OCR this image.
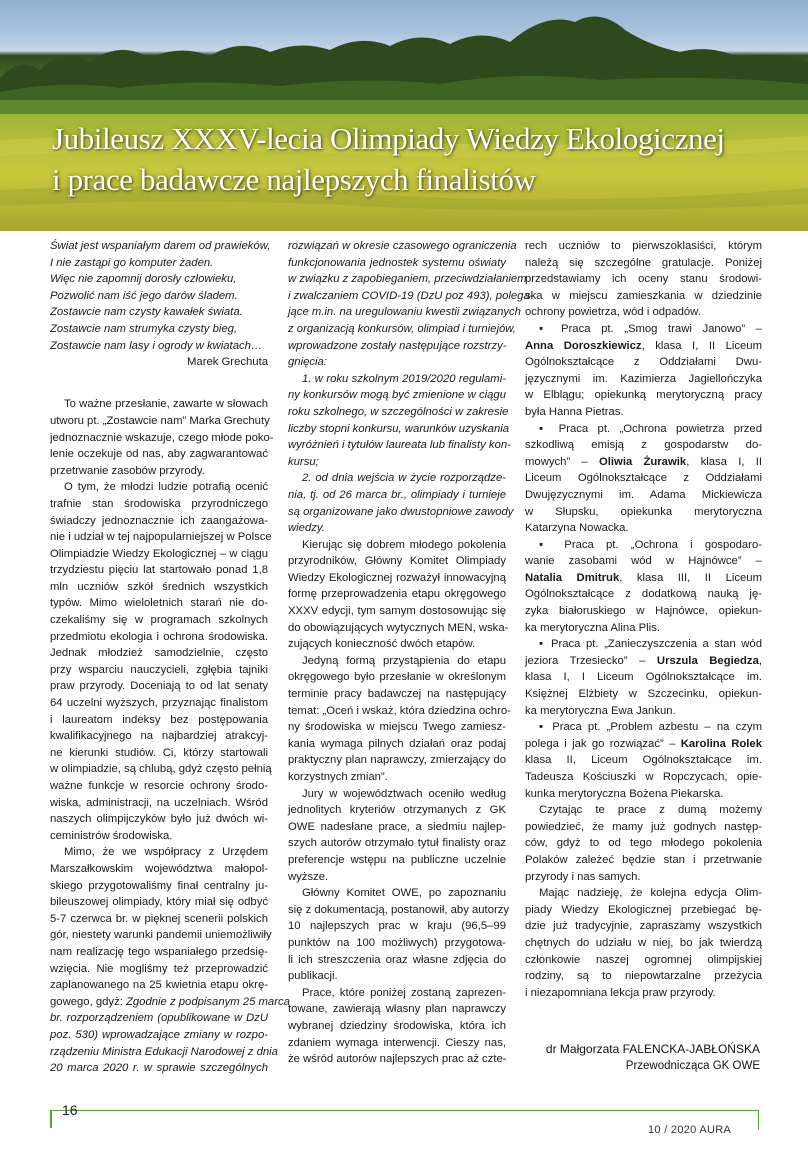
Jubileusz XXXV-lecia Olimpiady Wiedzy Ekologicznej
i prace badawcze najlepszych finalistów
Świat jest wspaniałym darem od prawieków,
I nie zastąpi go komputer żaden.
Więc nie zapomnij dorosły człowieku,
Pozwolić nam iść jego darów śladem.
Zostawcie nam czysty kawałek świata.
Zostawcie nam strumyka czysty bieg,
Zostawcie nam lasy i ogrody w kwiatach…
Marek Grechuta
To ważne przesłanie, zawarte w słowach
utworu pt. „Zostawcie nam” Marka Grechuty
jednoznacznie wskazuje, czego młode poko-
lenie oczekuje od nas, aby zagwarantować
przetrwanie zasobów przyrody.
O tym, że młodzi ludzie potrafią ocenić
trafnie stan środowiska przyrodniczego
świadczy jednoznacznie ich zaangażowa-
nie i udział w tej najpopularniejszej w Polsce
Olimpiadzie Wiedzy Ekologicznej – w ciągu
trzydziestu pięciu lat startowało ponad 1,8
mln uczniów szkół średnich wszystkich
typów. Mimo wieloletnich starań nie do-
czekaliśmy się w programach szkolnych
przedmiotu ekologia i ochrona środowiska.
Jednak młodzież samodzielnie, często
przy wsparciu nauczycieli, zgłębia tajniki
praw przyrody. Doceniają to od lat senaty
64 uczelni wyższych, przyznając finalistom
i laureatom indeksy bez postępowania
kwalifikacyjnego na najbardziej atrakcyj-
ne kierunki studiów. Ci, którzy startowali
w olimpiadzie, są chlubą, gdyż często pełnią
ważne funkcje w resorcie ochrony środo-
wiska, administracji, na uczelniach. Wśród
naszych olimpijczyków było już dwóch wi-
ceministrów środowiska.
Mimo, że we współpracy z Urzędem
Marszałkowskim województwa małopol-
skiego przygotowaliśmy finał centralny ju-
bileuszowej olimpiady, który miał się odbyć
5-7 czerwca br. w pięknej scenerii polskich
gór, niestety warunki pandemii uniemożliwiły
nam realizację tego wspaniałego przedsię-
wzięcia. Nie mogliśmy też przeprowadzić
zaplanowanego na 25 kwietnia etapu okrę-
gowego, gdyż: Zgodnie z podpisanym 25 marca
br. rozporządzeniem (opublikowane w DzU
poz. 530) wprowadzające zmiany w rozpo-
rządzeniu Ministra Edukacji Narodowej z dnia
20 marca 2020 r. w sprawie szczególnych
rozwiązań w okresie czasowego ograniczenia
funkcjonowania jednostek systemu oświaty
w związku z zapobieganiem, przeciwdziałaniem
i zwalczaniem COVID-19 (DzU poz 493), polega-
jące m.in. na uregulowaniu kwestii związanych
z organizacją konkursów, olimpiad i turniejów,
wprowadzone zostały następujące rozstrzy-
gnięcia:
1. w roku szkolnym 2019/2020 regulami-
ny konkursów mogą być zmienione w ciągu
roku szkolnego, w szczególności w zakresie
liczby stopni konkursu, warunków uzyskania
wyróżnień i tytułów laureata lub finalisty kon-
kursu;
2. od dnia wejścia w życie rozporządze-
nia, tj. od 26 marca br., olimpiady i turnieje
są organizowane jako dwustopniowe zawody
wiedzy.
Kierując się dobrem młodego pokolenia
przyrodników, Główny Komitet Olimpiady
Wiedzy Ekologicznej rozważył innowacyjną
formę przeprowadzenia etapu okręgowego
XXXV edycji, tym samym dostosowując się
do obowiązujących wytycznych MEN, wska-
zujących konieczność dwóch etapów.
Jedyną formą przystąpienia do etapu
okręgowego było przesłanie w określonym
terminie pracy badawczej na następujący
temat: „Oceń i wskaż, która dziedzina ochro-
ny środowiska w miejscu Twego zamiesz-
kania wymaga pilnych działań oraz podaj
praktyczny plan naprawczy, zmierzający do
korzystnych zmian”.
Jury w województwach oceniło według
jednolitych kryteriów otrzymanych z GK
OWE nadesłane prace, a siedmiu najlep-
szych autorów otrzymało tytuł finalisty oraz
preferencje wstępu na publiczne uczelnie
wyższe.
Główny Komitet OWE, po zapoznaniu
się z dokumentacją, postanowił, aby autorzy
10 najlepszych prac w kraju (96,5–99
punktów na 100 możliwych) przygotowa-
li ich streszczenia oraz własne zdjęcia do
publikacji.
Prace, które poniżej zostaną zaprezen-
towane, zawierają własny plan naprawczy
wybranej dziedziny środowiska, która ich
zdaniem wymaga interwencji. Cieszy nas,
że wśród autorów najlepszych prac aż czte-
rech uczniów to pierwszoklasiści, którym
należą się szczególne gratulacje. Poniżej
przedstawiamy ich oceny stanu środowi-
ska w miejscu zamieszkania w dziedzinie
ochrony powietrza, wód i odpadów.
▪ Praca pt. „Smog trawi Janowo” –
Anna Doroszkiewicz, klasa I, II Liceum
Ogólnokształcące z Oddziałami Dwu-
języcznymi im. Kazimierza Jagiellończyka
w Elblągu; opiekunką merytoryczną pracy
była Hanna Pietras.
▪ Praca pt. „Ochrona powietrza przed
szkodliwą emisją z gospodarstw do-
mowych” – Oliwia Żurawik, klasa I, II
Liceum Ogólnokształcące z Oddziałami
Dwujęzycznymi im. Adama Mickiewicza
w Słupsku, opiekunka merytoryczna
Katarzyna Nowacka.
▪ Praca pt. „Ochrona i gospodaro-
wanie zasobami wód w Hajnówce” –
Natalia Dmitruk, klasa III, II Liceum
Ogólnokształcące z dodatkową nauką ję-
zyka białoruskiego w Hajnówce, opiekun-
ka merytoryczna Alina Plis.
▪ Praca pt. „Zanieczyszczenia a stan wód
jeziora Trzesiecko” – Urszula Begiedza,
klasa I, I Liceum Ogólnokształcące im.
Księżnej Elżbiety w Szczecinku, opiekun-
ka merytoryczna Ewa Jankun.
▪ Praca pt. „Problem azbestu – na czym
polega i jak go rozwiązać” – Karolina Rolek
klasa II, Liceum Ogólnokształcące im.
Tadeusza Kościuszki w Ropczycach, opie-
kunka merytoryczna Bożena Piekarska.
Czytając te prace z dumą możemy
powiedzieć, że mamy już godnych następ-
ców, gdyż to od tego młodego pokolenia
Polaków zależeć będzie stan i przetrwanie
przyrody i nas samych.
Mając nadzieję, że kolejna edycja Olim-
piady Wiedzy Ekologicznej przebiegać bę-
dzie już tradycyjnie, zapraszamy wszystkich
chętnych do udziału w niej, bo jak twierdzą
członkowie naszej ogromnej olimpijskiej
rodziny, są to niepowtarzalne przeżycia
i niezapomniana lekcja praw przyrody.
dr Małgorzata FALENCKA-JABŁOŃSKA
Przewodnicząca GK OWE
16
10 / 2020 AURA
